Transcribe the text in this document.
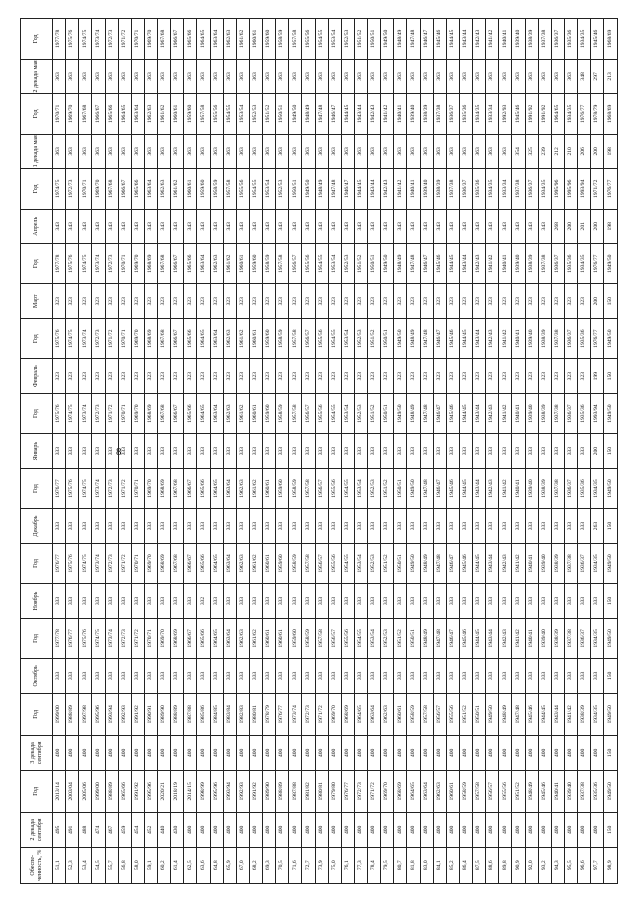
8
Обеспе- ченность, %	2 декада сентября	Год	3 декада сентября	Год	Октябрь	Год	Ноябрь	Год	Декабрь	Год	Январь	Год	Февраль	Год	Март	Год	Апрель	Год	1 декада мая	Год	2 декада мая	Год
51,1	495	2013/14	400	1999/00	333	1977/78	333	1976/77	333	1976/77	333	1975/76	323	1975/76	323	1977/78	343	1974/75	363	1970/71	363	1977/78
52,3	491	2003/04	400	1988/89	333	1976/77	333	1975/76	333	1975/76	333	1974/75	323	1974/75	323	1975/76	343	1972/73	363	1969/70	363	1975/76
53,4	488	2005/06	400	1997/98	333	1975/76	333	1974/75	333	1974/75	333	1973/74	323	1973/74	323	1974/75	343	1970/71	363	1967/68	363	1974/75
54,5	474	1999/00	400	1995/96	333	1974/75	333	1973/74	333	1973/74	333	1972/73	323	1972/73	323	1973/74	343	1969/70	363	1966/67	363	1973/74
55,7	467	1988/89	400	1993/94	333	1973/74	333	1972/73	333	1972/73	333	1971/72	323	1971/72	323	1972/73	343	1967/68	363	1965/66	363	1972/73
56,8	459	1965/66	400	1992/93	333	1972/73	333	1971/72	333	1971/72	333	1970/71	323	1970/71	323	1970/71	343	1966/67	363	1964/65	363	1971/72
58,0	454	1991/92	400	1991/92	333	1971/72	333	1970/71	333	1970/71	333	1969/70	323	1969/70	323	1969/70	343	1965/66	363	1963/64	363	1970/71
59,1	452	1995/96	400	1990/91	333	1970/71	333	1969/70	333	1969/70	333	1968/69	323	1968/69	323	1968/69	343	1963/64	363	1962/63	363	1969/70
60,2	440	2020/21	400	1989/90	333	1969/70	333	1968/69	333	1968/69	333	1967/68	323	1967/68	323	1967/68	343	1962/63	363	1961/62	363	1967/68
61,4	430	2018/19	400	1988/89	333	1968/69	333	1967/68	333	1967/68	333	1966/67	323	1966/67	323	1966/67	343	1961/62	363	1960/61	363	1966/67
62,5	400	2014/15	400	1987/88	333	1966/67	333	1966/67	333	1966/67	333	1965/66	323	1965/66	323	1965/66	343	1960/61	363	1959/60	363	1965/66
63,6	400	1998/99	400	1985/86	333	1965/66	332	1965/66	333	1965/66	333	1964/65	323	1964/65	323	1963/64	343	1959/60	363	1957/58	363	1964/65
64,8	400	1995/96	400	1984/85	333	1964/65	333	1964/65	333	1964/65	333	1963/64	323	1963/64	323	1962/63	343	1958/59	363	1955/56	363	1963/64
65,9	400	1993/94	400	1983/84	333	1963/64	333	1963/64	333	1963/64	333	1962/63	323	1962/63	323	1961/62	343	1957/58	363	1954/55	363	1962/63
67,0	400	1992/93	400	1982/83	333	1962/63	333	1962/63	333	1962/63	333	1961/62	323	1961/62	323	1960/61	343	1955/56	363	1953/54	363	1961/62
68,2	400	1991/92	400	1980/81	333	1961/62	333	1961/62	333	1961/62	333	1960/61	323	1960/61	323	1959/60	343	1954/55	363	1952/53	363	1960/61
69,3	400	1989/90	400	1978/79	333	1960/61	333	1960/61	333	1960/61	333	1959/60	323	1959/60	323	1958/59	343	1953/54	363	1951/52	363	1959/60
70,5	400	1988/89	400	1976/77	333	1960/61	333	1959/60	333	1959/60	333	1958/59	323	1958/59	323	1957/58	343	1952/53	363	1950/51	363	1958/59
71,6	400	1987/88	400	1973/74	333	1959/60	333	1958/59	333	1958/59	333	1957/58	323	1957/58	323	1956/57	343	1950/51	363	1949/50	363	1957/58
72,7	400	1981/82	400	1972/73	333	1958/59	333	1957/58	333	1957/58	333	1956/57	323	1956/57	323	1955/56	343	1949/50	363	1948/49	363	1955/56
73,9	400	1980/81	400	1971/72	333	1957/58	333	1956/57	333	1956/57	333	1955/56	323	1955/56	323	1954/55	343	1948/49	363	1947/48	363	1954/55
75,0	400	1979/80	400	1969/70	333	1956/57	333	1955/56	333	1955/56	333	1954/55	323	1954/55	323	1953/54	343	1947/48	363	1946/47	363	1953/54
76,1	400	1976/77	400	1968/69	333	1955/56	333	1954/55	333	1954/55	333	1953/54	323	1953/54	323	1952/53	343	1946/47	363	1944/45	363	1952/53
77,3	400	1972/73	400	1964/65	333	1954/55	333	1953/54	333	1953/54	333	1952/53	323	1952/53	323	1951/52	343	1944/45	363	1943/44	363	1951/52
78,4	400	1971/72	400	1963/64	333	1953/54	333	1952/53	333	1952/53	333	1951/52	323	1951/52	323	1950/51	343	1943/44	363	1942/43	363	1950/51
79,5	400	1969/70	400	1962/63	333	1952/53	333	1951/52	333	1951/52	333	1950/51	323	1950/51	323	1949/50	343	1942/43	363	1941/42	363	1949/50
80,7	400	1968/69	400	1960/61	333	1951/52	333	1950/51	333	1950/51	333	1949/50	323	1949/50	323	1948/49	343	1941/42	363	1940/41	363	1948/49
81,8	400	1964/65	400	1958/59	333	1950/51	333	1949/50	333	1949/50	333	1948/49	323	1948/49	323	1947/48	343	1940/41	363	1939/40	363	1947/48
83,0	400	1963/64	400	1957/58	333	1948/49	333	1948/49	333	1947/48	333	1947/48	323	1947/48	323	1946/47	343	1939/40	363	1938/39	363	1946/47
84,1	400	1962/63	400	1956/57	333	1947/48	333	1947/48	333	1946/47	333	1946/47	323	1946/47	323	1945/46	343	1938/39	363	1937/38	363	1945/46
85,2	400	1960/61	400	1955/56	333	1946/47	333	1946/47	333	1945/46	333	1945/46	323	1945/46	323	1944/45	343	1937/38	363	1936/37	363	1944/45
86,4	400	1958/59	400	1951/52	333	1945/46	333	1945/46	333	1944/45	333	1944/45	323	1944/45	323	1943/44	343	1936/37	363	1935/36	363	1943/44
87,5	400	1957/58	400	1950/51	333	1944/45	333	1944/45	333	1943/44	333	1943/44	323	1943/44	323	1942/43	343	1935/36	363	1934/35	363	1942/43
88,6	400	1956/57	400	1949/50	333	1943/44	333	1943/44	333	1942/43	333	1942/43	323	1942/43	323	1941/42	343	1934/35	363	1933/34	363	1941/42
89,8	400	1955/56	400	1948/49	333	1942/43	333	1942/43	333	1941/42	333	1941/42	323	1941/42	323	1940/41	343	1933/34	363	1992/93	363	1940/41
90,9	400	1951/52	400	1947/48	333	1941/42	333	1941/42	333	1940/41	333	1940/41	323	1940/41	323	1939/40	343	1937/38	354	1945/46	363	1939/40
92,0	400	1948/49	400	1945/46	333	1940/41	333	1940/41	333	1939/40	333	1939/40	323	1939/40	323	1938/39	343	1936/37	325	1991/92	363	1938/39
93,2	400	1945/46	400	1944/45	333	1939/40	333	1939/40	333	1938/39	333	1938/39	323	1938/39	323	1937/38	343	1934/35	239	1991/92	363	1937/38
94,3	400	1940/41	400	1943/44	333	1938/39	333	1938/39	333	1937/38	333	1937/38	323	1937/38	323	1936/37	268	1995/96	212	1964/65	363	1936/37
95,5	400	1939/40	400	1941/42	333	1937/38	333	1937/38	333	1936/37	333	1936/37	323	1936/37	323	1935/36	200	1995/96	210	1934/35	363	1935/36
96,6	400	1937/38	400	1938/39	333	1936/37	333	1936/37	333	1935/36	333	1935/36	323	1935/36	323	1934/35	201	1993/94	206	1976/77	348	1934/35
97,7	400	1935/36	400	1934/35	333	1934/35	333	1934/35	263	1934/35	200	1993/94	199	1976/77	200	1976/77	200	1971/72	200	1978/79	297	1945/46
98,9	150	1949/50	150	1949/50	150	1949/50	150	1949/50	150	1949/50	150	1949/50	150	1949/50	150	1949/50	198	1976/77	198	1968/69	213	1968/69
